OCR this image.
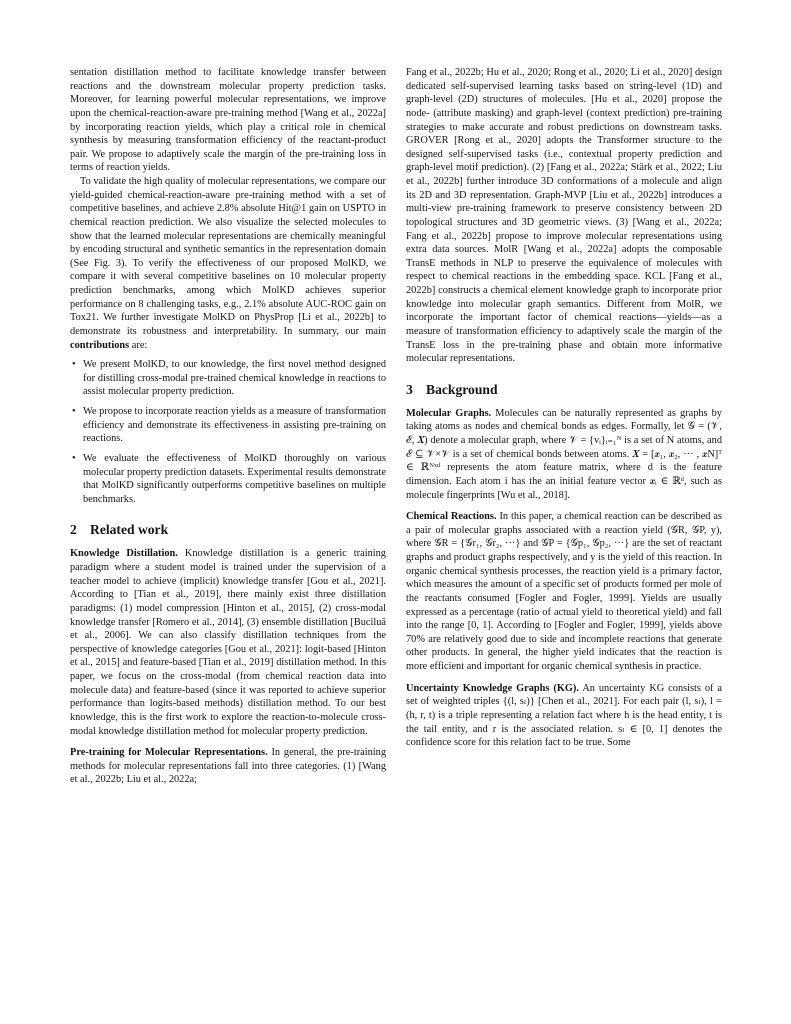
sentation distillation method to facilitate knowledge transfer between reactions and the downstream molecular property prediction tasks. Moreover, for learning powerful molecular representations, we improve upon the chemical-reaction-aware pre-training method [Wang et al., 2022a] by incorporating reaction yields, which play a critical role in chemical synthesis by measuring transformation efficiency of the reactant-product pair. We propose to adaptively scale the margin of the pre-training loss in terms of reaction yields.

To validate the high quality of molecular representations, we compare our yield-guided chemical-reaction-aware pre-training method with a set of competitive baselines, and achieve 2.8% absolute Hit@1 gain on USPTO in chemical reaction prediction. We also visualize the selected molecules to show that the learned molecular representations are chemically meaningful by encoding structural and synthetic semantics in the representation domain (See Fig. 3). To verify the effectiveness of our proposed MolKD, we compare it with several competitive baselines on 10 molecular property prediction benchmarks, among which MolKD achieves superior performance on 8 challenging tasks, e.g., 2.1% absolute AUC-ROC gain on Tox21. We further investigate MolKD on PhysProp [Li et al., 2022b] to demonstrate its robustness and interpretability. In summary, our main contributions are:

• We present MolKD, to our knowledge, the first novel method designed for distilling cross-modal pre-trained chemical knowledge in reactions to assist molecular property prediction.
• We propose to incorporate reaction yields as a measure of transformation efficiency and demonstrate its effectiveness in assisting pre-training on reactions.
• We evaluate the effectiveness of MolKD thoroughly on various molecular property prediction datasets. Experimental results demonstrate that MolKD significantly outperforms competitive baselines on multiple benchmarks.
2 Related work

Knowledge Distillation. Knowledge distillation is a generic training paradigm where a student model is trained under the supervision of a teacher model to achieve (implicit) knowledge transfer [Gou et al., 2021]. According to [Tian et al., 2019], there mainly exist three distillation paradigms: (1) model compression [Hinton et al., 2015], (2) cross-modal knowledge transfer [Romero et al., 2014], (3) ensemble distillation [Buciluă et al., 2006]. We can also classify distillation techniques from the perspective of knowledge categories [Gou et al., 2021]: logit-based [Hinton et al., 2015] and feature-based [Tian et al., 2019] distillation method. In this paper, we focus on the cross-modal (from chemical reaction data into molecule data) and feature-based (since it was reported to achieve superior performance than logits-based methods) distillation method. To our best knowledge, this is the first work to explore the reaction-to-molecule cross-modal knowledge distillation method for molecular property prediction.

Pre-training for Molecular Representations. In general, the pre-training methods for molecular representations fall into three categories. (1) [Wang et al., 2022b; Liu et al., 2022a;

Fang et al., 2022b; Hu et al., 2020; Rong et al., 2020; Li et al., 2020] design dedicated self-supervised learning tasks based on string-level (1D) and graph-level (2D) structures of molecules. [Hu et al., 2020] propose the node- (attribute masking) and graph-level (context prediction) pre-training strategies to make accurate and robust predictions on downstream tasks. GROVER [Rong et al., 2020] adopts the Transformer structure to the designed self-supervised tasks (i.e., contextual property prediction and graph-level motif prediction). (2) [Fang et al., 2022a; Stärk et al., 2022; Liu et al., 2022b] further introduce 3D conformations of a molecule and align its 2D and 3D representation. Graph-MVP [Liu et al., 2022b] introduces a multi-view pre-training framework to preserve consistency between 2D topological structures and 3D geometric views. (3) [Wang et al., 2022a; Fang et al., 2022b] propose to improve molecular representations using extra data sources. MolR [Wang et al., 2022a] adopts the composable TransE methods in NLP to preserve the equivalence of molecules with respect to chemical reactions in the embedding space. KCL [Fang et al., 2022b] constructs a chemical element knowledge graph to incorporate prior knowledge into molecular graph semantics. Different from MolR, we incorporate the important factor of chemical reactions—yields—as a measure of transformation efficiency to adaptively scale the margin of the TransE loss in the pre-training phase and obtain more informative molecular representations.

3 Background

Molecular Graphs. Molecules can be naturally represented as graphs by taking atoms as nodes and chemical bonds as edges. Formally, let 𝒢 = (𝒱, ℰ, 𝑿) denote a molecular graph, where 𝒱 = {vᵢ}ᵢ₌₁ᴺ is a set of N atoms, and ℰ ⊆ 𝒱×𝒱 is a set of chemical bonds between atoms. 𝑿 = [𝒙₁, 𝒙₂, ··· , 𝒙N]ᵀ ∈ ℝᴺˣᵈ represents the atom feature matrix, where d is the feature dimension. Each atom i has the an initial feature vector 𝒙ᵢ ∈ ℝᵈ, such as molecule fingerprints [Wu et al., 2018].

Chemical Reactions. In this paper, a chemical reaction can be described as a pair of molecular graphs associated with a reaction yield (𝒢R, 𝒢P, y), where 𝒢R = {𝒢r₁, 𝒢r₂, ···} and 𝒢P = {𝒢p₁, 𝒢p₂, ···} are the set of reactant graphs and product graphs respectively, and y is the yield of this reaction. In organic chemical synthesis processes, the reaction yield is a primary factor, which measures the amount of a specific set of products formed per mole of the reactants consumed [Fogler and Fogler, 1999]. Yields are usually expressed as a percentage (ratio of actual yield to theoretical yield) and fall into the range [0, 1]. According to [Fogler and Fogler, 1999], yields above 70% are relatively good due to side and incomplete reactions that generate other products. In general, the higher yield indicates that the reaction is more efficient and important for organic chemical synthesis in practice.

Uncertainty Knowledge Graphs (KG). An uncertainty KG consists of a set of weighted triples {(l, sₗ)} [Chen et al., 2021]. For each pair (l, sₗ), l = (h, r, t) is a triple representing a relation fact where h is the head entity, t is the tail entity, and r is the associated relation. sₗ ∈ [0, 1] denotes the confidence score for this relation fact to be true. Some
